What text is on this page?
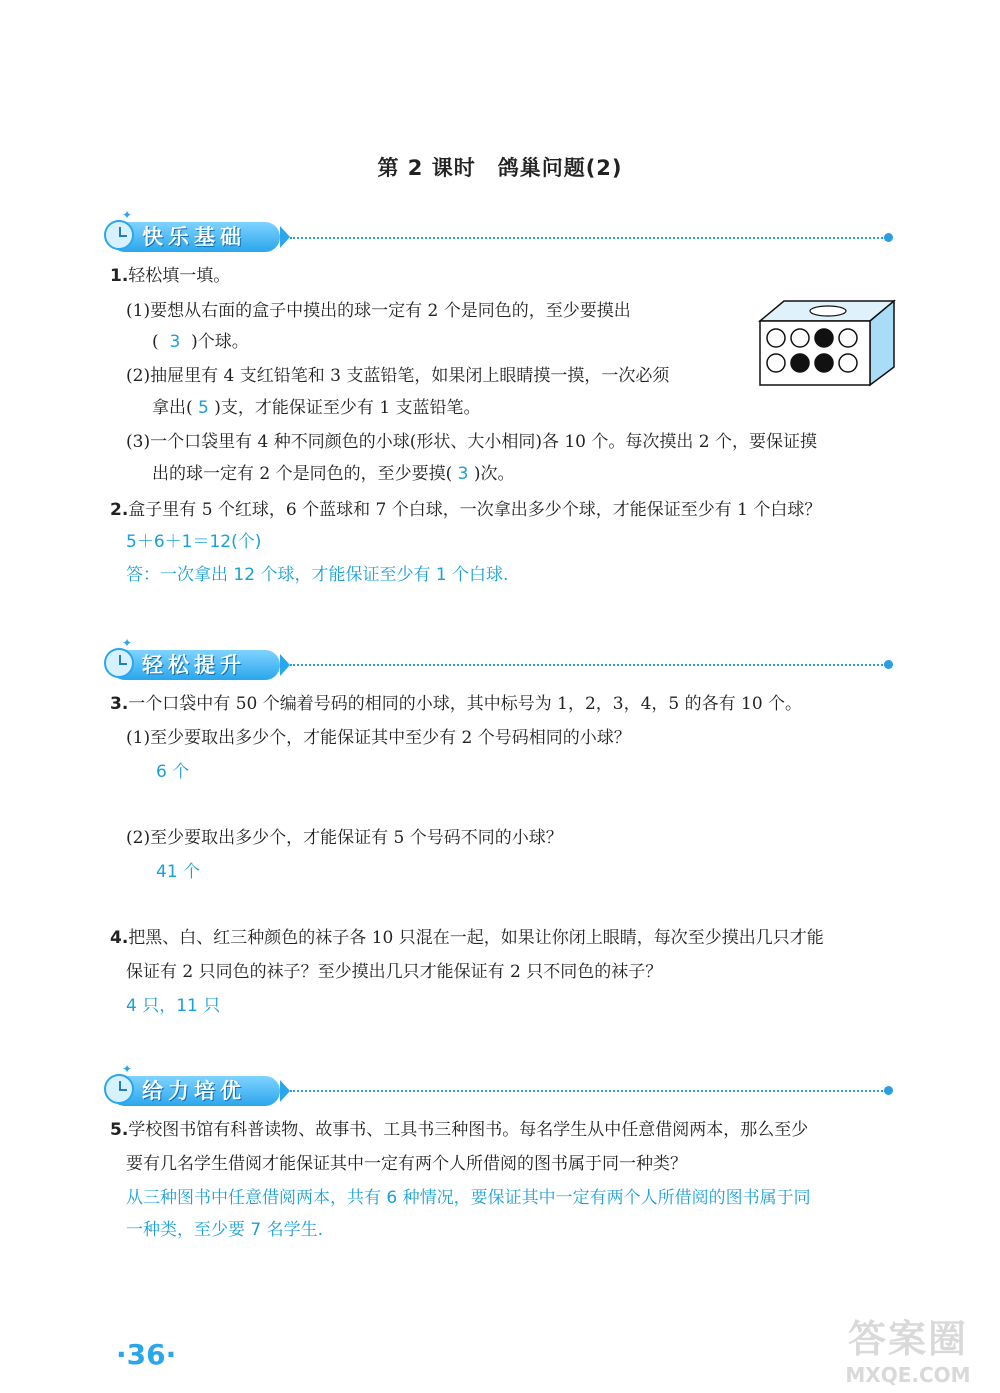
第 2 课时　鸽巢问题(2)
✦
快乐基础
1.轻松填一填。
(1)要想从右面的盒子中摸出的球一定有 2 个是同色的，至少要摸出
( 3 )个球。
(2)抽屉里有 4 支红铅笔和 3 支蓝铅笔，如果闭上眼睛摸一摸，一次必须
拿出( 5 )支，才能保证至少有 1 支蓝铅笔。
(3)一个口袋里有 4 种不同颜色的小球(形状、大小相同)各 10 个。每次摸出 2 个，要保证摸
出的球一定有 2 个是同色的，至少要摸( 3 )次。
2.盒子里有 5 个红球，6 个蓝球和 7 个白球，一次拿出多少个球，才能保证至少有 1 个白球？
5＋6＋1＝12(个)
答：一次拿出 12 个球，才能保证至少有 1 个白球.
✦
轻松提升
3.一个口袋中有 50 个编着号码的相同的小球，其中标号为 1，2，3，4，5 的各有 10 个。
(1)至少要取出多少个，才能保证其中至少有 2 个号码相同的小球？
6 个
(2)至少要取出多少个，才能保证有 5 个号码不同的小球？
41 个
4.把黑、白、红三种颜色的袜子各 10 只混在一起，如果让你闭上眼睛，每次至少摸出几只才能
保证有 2 只同色的袜子？至少摸出几只才能保证有 2 只不同色的袜子？
4 只，11 只
✦
给力培优
5.学校图书馆有科普读物、故事书、工具书三种图书。每名学生从中任意借阅两本，那么至少
要有几名学生借阅才能保证其中一定有两个人所借阅的图书属于同一种类？
从三种图书中任意借阅两本，共有 6 种情况，要保证其中一定有两个人所借阅的图书属于同
一种类，至少要 7 名学生.
·36·	答案圈
MXQE.COM
